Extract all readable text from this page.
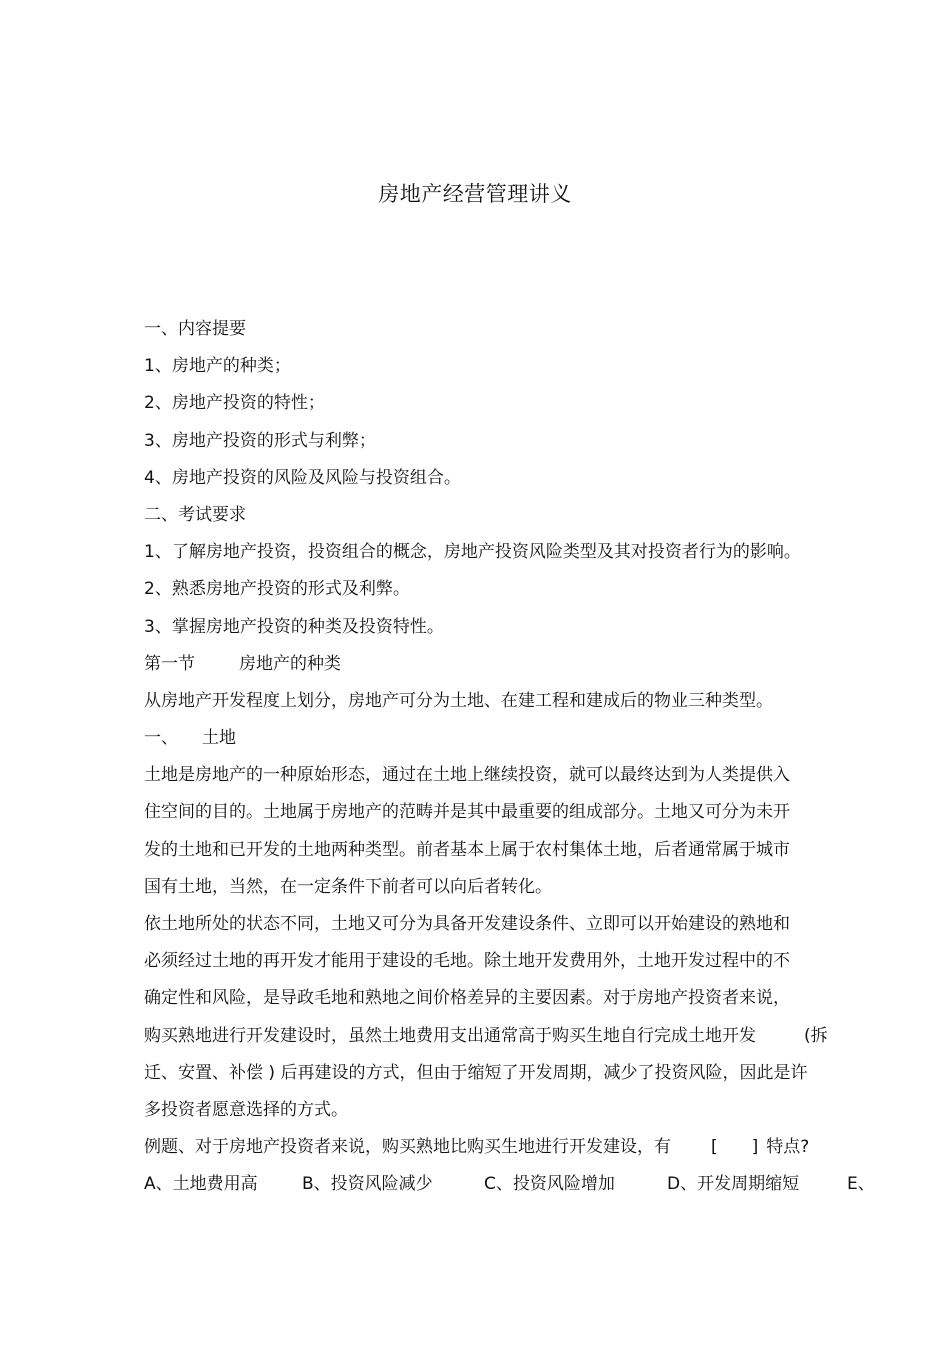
房地产经营管理讲义
一、内容提要
1、房地产的种类；
2、房地产投资的特性；
3、房地产投资的形式与利弊；
4、房地产投资的风险及风险与投资组合。
二、考试要求
1、了解房地产投资，投资组合的概念，房地产投资风险类型及其对投资者行为的影响。
2、熟悉房地产投资的形式及利弊。
3、掌握房地产投资的种类及投资特性。
第一节	房地产的种类
从房地产开发程度上划分，房地产可分为土地、在建工程和建成后的物业三种类型。
一、 土地
土地是房地产的一种原始形态，通过在土地上继续投资，就可以最终达到为人类提供入
住空间的目的。土地属于房地产的范畴并是其中最重要的组成部分。土地又可分为未开
发的土地和已开发的土地两种类型。前者基本上属于农村集体土地，后者通常属于城市
国有土地，当然，在一定条件下前者可以向后者转化。
依土地所处的状态不同，土地又可分为具备开发建设条件、立即可以开始建设的熟地和
必须经过土地的再开发才能用于建设的毛地。除土地开发费用外，土地开发过程中的不
确定性和风险，是导政毛地和熟地之间价格差异的主要因素。对于房地产投资者来说，
购买熟地进行开发建设时，虽然土地费用支出通常高于购买生地自行完成土地开发	(拆
迁、安置、补偿 ) 后再建设的方式，但由于缩短了开发周期，减少了投资风险，因此是许
多投资者愿意选择的方式。
例题、对于房地产投资者来说，购买熟地比购买生地进行开发建设，有 [ ] 特点?
A、土地费用高	B、投资风险减少	C、投资风险增加	D、开发周期缩短	E、
